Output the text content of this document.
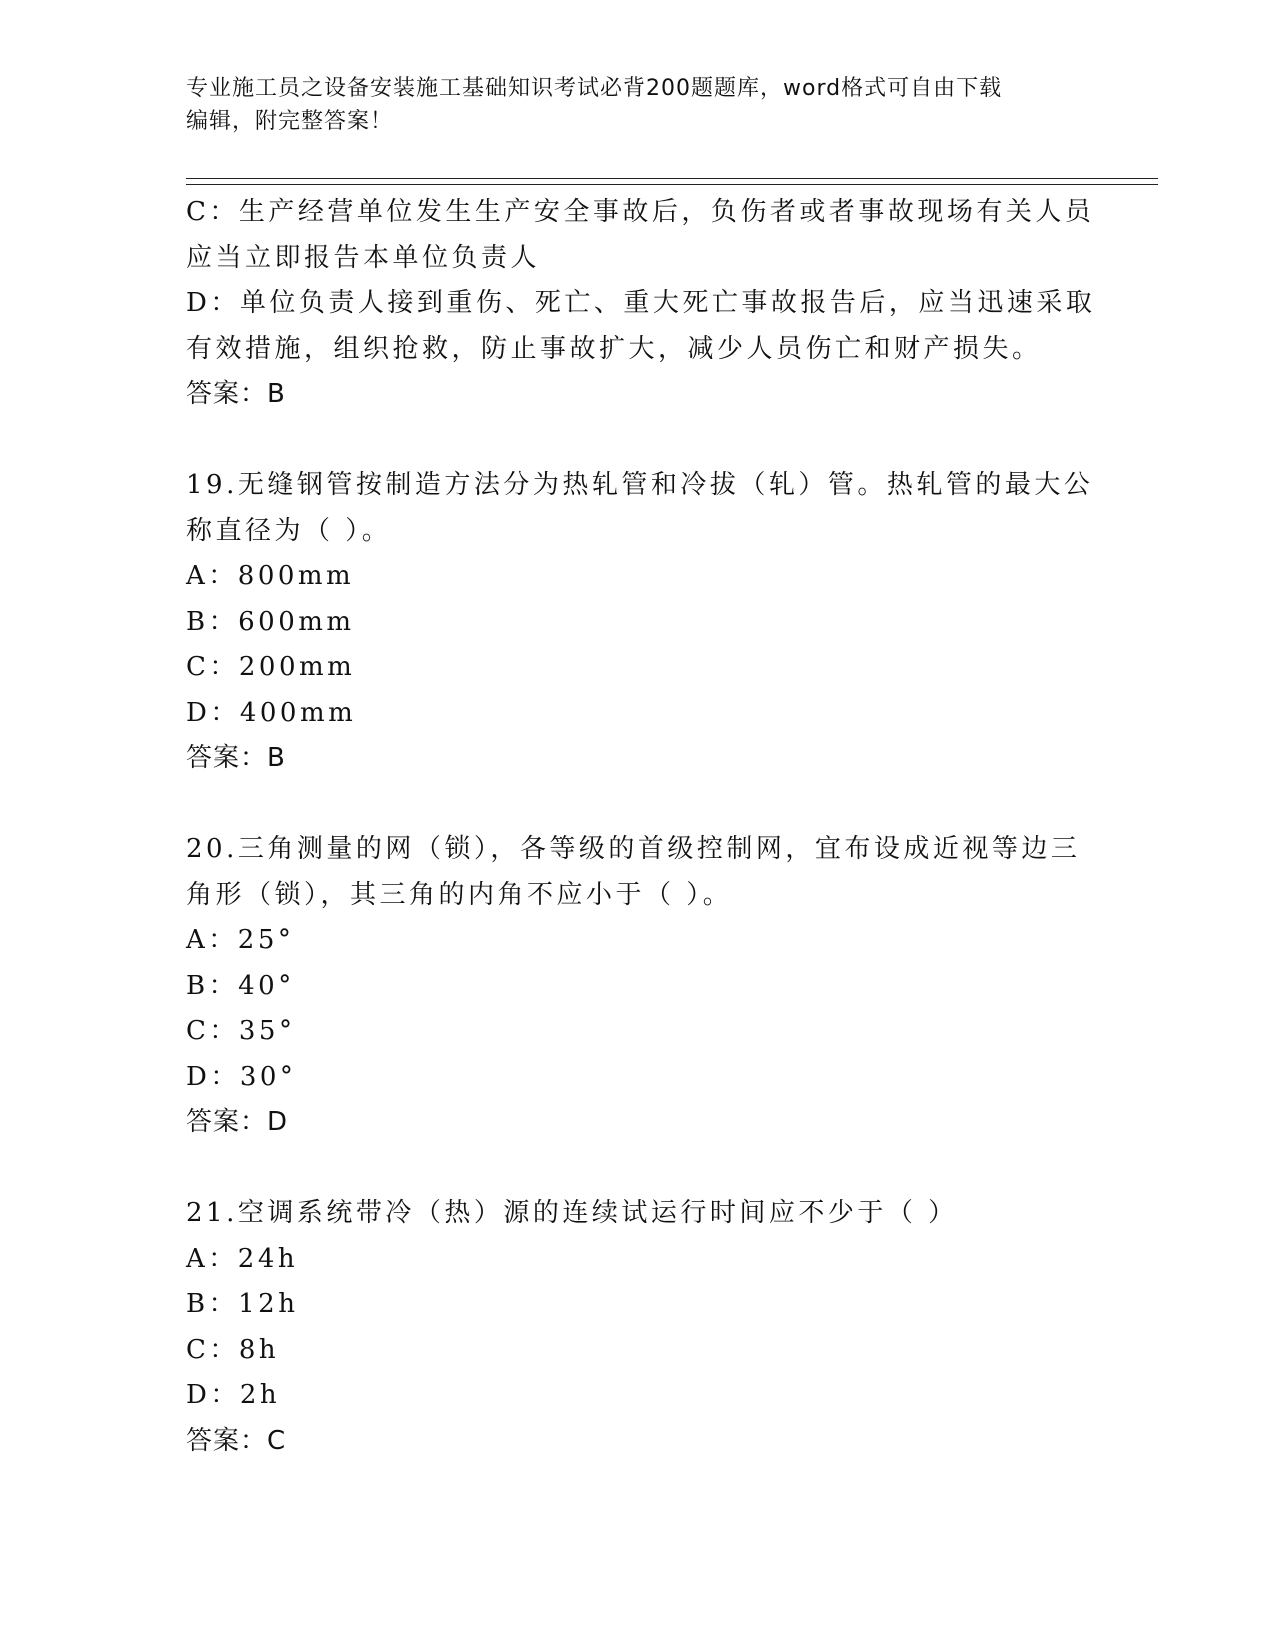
专业施工员之设备安装施工基础知识考试必背200题题库，word格式可自由下载
编辑，附完整答案！
C：生产经营单位发生生产安全事故后，负伤者或者事故现场有关人员
应当立即报告本单位负责人
D：单位负责人接到重伤、死亡、重大死亡事故报告后，应当迅速采取
有效措施，组织抢救，防止事故扩大，减少人员伤亡和财产损失。
答案：B
19.无缝钢管按制造方法分为热轧管和冷拔（轧）管。热轧管的最大公
称直径为（ ）。
A：800mm
B：600mm
C：200mm
D：400mm
答案：B
20.三角测量的网（锁），各等级的首级控制网，宜布设成近视等边三
角形（锁），其三角的内角不应小于（ ）。
A：25°
B：40°
C：35°
D：30°
答案：D
21.空调系统带冷（热）源的连续试运行时间应不少于（ ）
A：24h
B：12h
C：8h
D：2h
答案：C
